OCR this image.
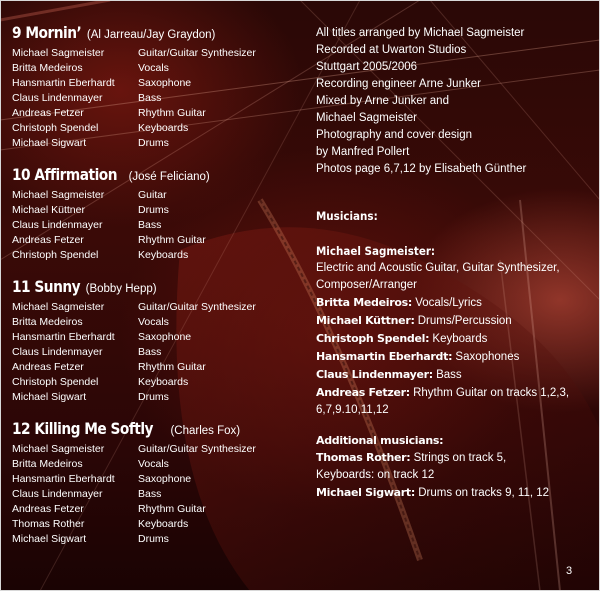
9 Mornin’ (Al Jarreau/Jay Graydon)
Michael Sagmeister	Guitar/Guitar Synthesizer
Britta Medeiros	Vocals
Hansmartin Eberhardt	Saxophone
Claus Lindenmayer	Bass
Andreas Fetzer	Rhythm Guitar
Christoph Spendel	Keyboards
Michael Sigwart	Drums
10 Affirmation (José Feliciano)
Michael Sagmeister	Guitar
Michael Küttner	Drums
Claus Lindenmayer	Bass
Andreas Fetzer	Rhythm Guitar
Christoph Spendel	Keyboards
11 Sunny (Bobby Hepp)
Michael Sagmeister	Guitar/Guitar Synthesizer
Britta Medeiros	Vocals
Hansmartin Eberhardt	Saxophone
Claus Lindenmayer	Bass
Andreas Fetzer	Rhythm Guitar
Christoph Spendel	Keyboards
Michael Sigwart	Drums
12 Killing Me Softly (Charles Fox)
Michael Sagmeister	Guitar/Guitar Synthesizer
Britta Medeiros	Vocals
Hansmartin Eberhardt	Saxophone
Claus Lindenmayer	Bass
Andreas Fetzer	Rhythm Guitar
Thomas Rother	Keyboards
Michael Sigwart	Drums
All titles arranged by Michael Sagmeister
Recorded at Uwarton Studios
Stuttgart 2005/2006
Recording engineer Arne Junker
Mixed by Arne Junker and
Michael Sagmeister
Photography and cover design
by Manfred Pollert
Photos page 6,7,12 by Elisabeth Günther
Musicians:
Michael Sagmeister:
Electric and Acoustic Guitar, Guitar Synthesizer,
Composer/Arranger
Britta Medeiros: Vocals/Lyrics
Michael Küttner: Drums/Percussion
Christoph Spendel: Keyboards
Hansmartin Eberhardt: Saxophones
Claus Lindenmayer: Bass
Andreas Fetzer: Rhythm Guitar on tracks 1,2,3,
6,7,9.10,11,12
Additional musicians:
Thomas Rother: Strings on track 5,
Keyboards: on track 12
Michael Sigwart: Drums on tracks 9, 11, 12
3
